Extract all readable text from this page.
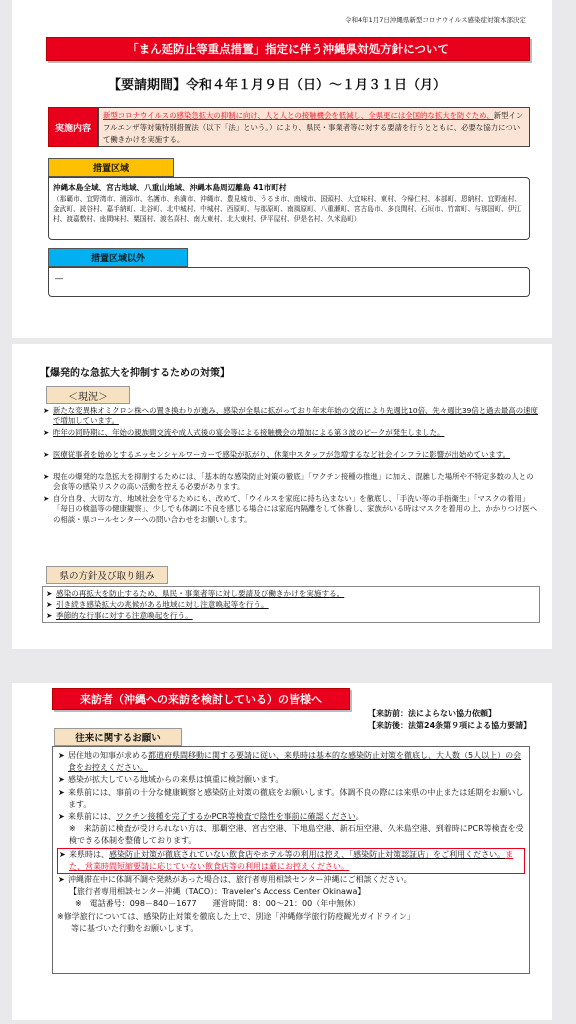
令和4年1月7日沖縄県新型コロナウイルス感染症対策本部決定
「まん延防止等重点措置」指定に伴う沖縄県対処方針について
【要請期間】令和４年１月９日（日）～１月３１日（月）
実施内容
新型コロナウイルスの感染急拡大の抑制に向け、人と人との接触機会を低減し、全県更には全国的な拡大を防ぐため、新型インフルエンザ等対策特別措置法（以下「法」という。）により、県民・事業者等に対する要請を行うとともに、必要な協力について働きかけを実施する。
措置区域
沖縄本島全域、宮古地域、八重山地域、沖縄本島周辺離島 41市町村
（那覇市、宜野湾市、浦添市、名護市、糸満市、沖縄市、豊見城市、うるま市、南城市、国頭村、大宜味村、東村、今帰仁村、本部町、恩納村、宜野座村、金武町、読谷村、嘉手納町、北谷町、北中城村、中城村、西原町、与那原町、南風原町、八重瀬町、宮古島市、多良間村、石垣市、竹富町、与那国町、伊江村、渡嘉敷村、座間味村、粟国村、渡名喜村、南大東村、北大東村、伊平屋村、伊是名村、久米島町）
措置区域以外
―
【爆発的な急拡大を抑制するための対策】
＜現況＞
➤ 新たな変異株オミクロン株への置き換わりが進み、感染が全県に拡がっており年末年始の交流により先週比10倍、先々週比39倍と過去最高の速度で増加しています。
➤ 昨年の同時期に、年始の親族間交流や成人式後の宴会等による接触機会の増加による第３波のピークが発生しました。
➤ 医療従事者を始めとするエッセンシャルワーカーで感染が拡がり、休業中スタッフが急増するなど社会インフラに影響が出始めています。
➤ 現在の爆発的な急拡大を抑制するためには、「基本的な感染防止対策の徹底」「ワクチン接種の推進」に加え、混雑した場所や不特定多数の人との会食等の感染リスクの高い活動を控える必要があります。
➤ 自分自身、大切な方、地域社会を守るためにも、改めて、「ウイルスを家庭に持ち込まない」を徹底し、「手洗い等の手指衛生」「マスクの着用」「毎日の検温等の健康観察」、少しでも体調に不良を感じる場合には家庭内隔離をして休養し、家族がいる時はマスクを着用の上、かかりつけ医への相談・県コールセンターへの問い合わせをお願いします。
県の方針及び取り組み
➤ 感染の再拡大を防止するため、県民・事業者等に対し要請及び働きかけを実施する。
➤ 引き続き感染拡大の兆候がある地域に対し注意喚起等を行う。
➤ 季節的な行事に対する注意喚起を行う。
来訪者（沖縄への来訪を検討している）の皆様へ
【来訪前：法によらない協力依頼】
【来訪後：法第24条第９項による協力要請】
往来に関するお願い
➤ 居住地の知事が求める都道府県間移動に関する要請に従い、来県時は基本的な感染防止対策を徹底し、大人数（5人以上）の会食をお控えください。
➤ 感染が拡大している地域からの来県は慎重に検討願います。
➤ 来県前には、事前の十分な健康観察と感染防止対策の徹底をお願いします。体調不良の際には来県の中止または延期をお願いします。
➤ 来県前には、ワクチン接種を完了するかPCR等検査で陰性を事前に確認ください。
※　来訪前に検査が受けられない方は、那覇空港、宮古空港、下地島空港、新石垣空港、久米島空港、到着時にPCR等検査を受検できる体制を整備しております。
➤ 来県時は、感染防止対策が徹底されていない飲食店やホテル等の利用は控え、「感染防止対策認証店」をご利用ください。また、営業時間短縮要請に応じていない飲食店等の利用は厳にお控えください。
➤ 沖縄滞在中に体調不調や発熱があった場合は、旅行者専用相談センター沖縄にご相談ください。
【旅行者専用相談センター沖縄（TACO）：Traveler’s Access Center Okinawa】
※　電話番号：098－840－1677　　運営時間：8：00～21：00（年中無休）
※修学旅行については、感染防止対策を徹底した上で、別途「沖縄修学旅行防疫観光ガイドライン」
等に基づいた行動をお願いします。
